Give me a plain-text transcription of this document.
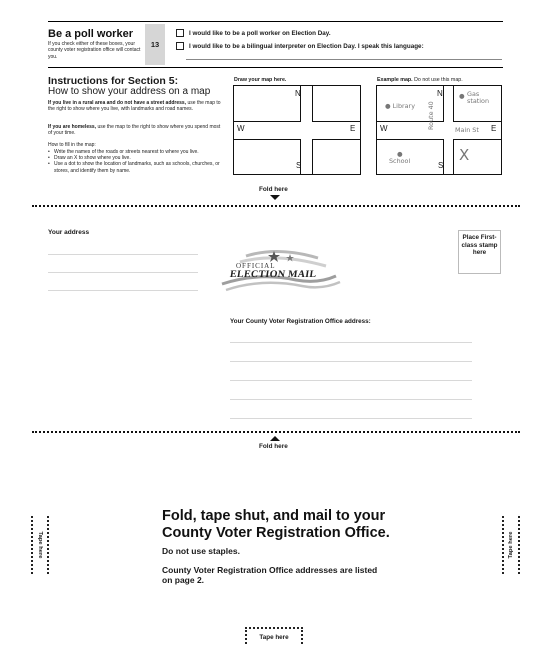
Be a poll worker
If you check either of these boxes, your county voter registration office will contact you.
13
I would like to be a poll worker on Election Day.
I would like to be a bilingual interpreter on Election Day. I speak this language:
Instructions for Section 5:
How to show your address on a map
If you live in a rural area and do not have a street address, use the map to the right to show where you live, with landmarks and road names.
If you are homeless, use the map to the right to show where you spend most of your time.
How to fill in the map:
• Write the names of the roads or streets nearest to where you live.
• Draw an X to show where you live.
• Use a dot to show the location of landmarks, such as schools, churches, or stores, and identify them by name.
Draw your map here.
N
S
W	E
Example map. Do not use this map.
N
S
W	E
● Library
● Gas
station
Route 40	Main St
●
School	X
Fold here
Your address
Place First-class stamp here
OFFICIAL
ELECTION MAIL
Your County Voter Registration Office address:
Fold here
Fold, tape shut, and mail to your County Voter Registration Office.
Do not use staples.
County Voter Registration Office addresses are listed on page 2.
Tape here	Tape here
Tape here
